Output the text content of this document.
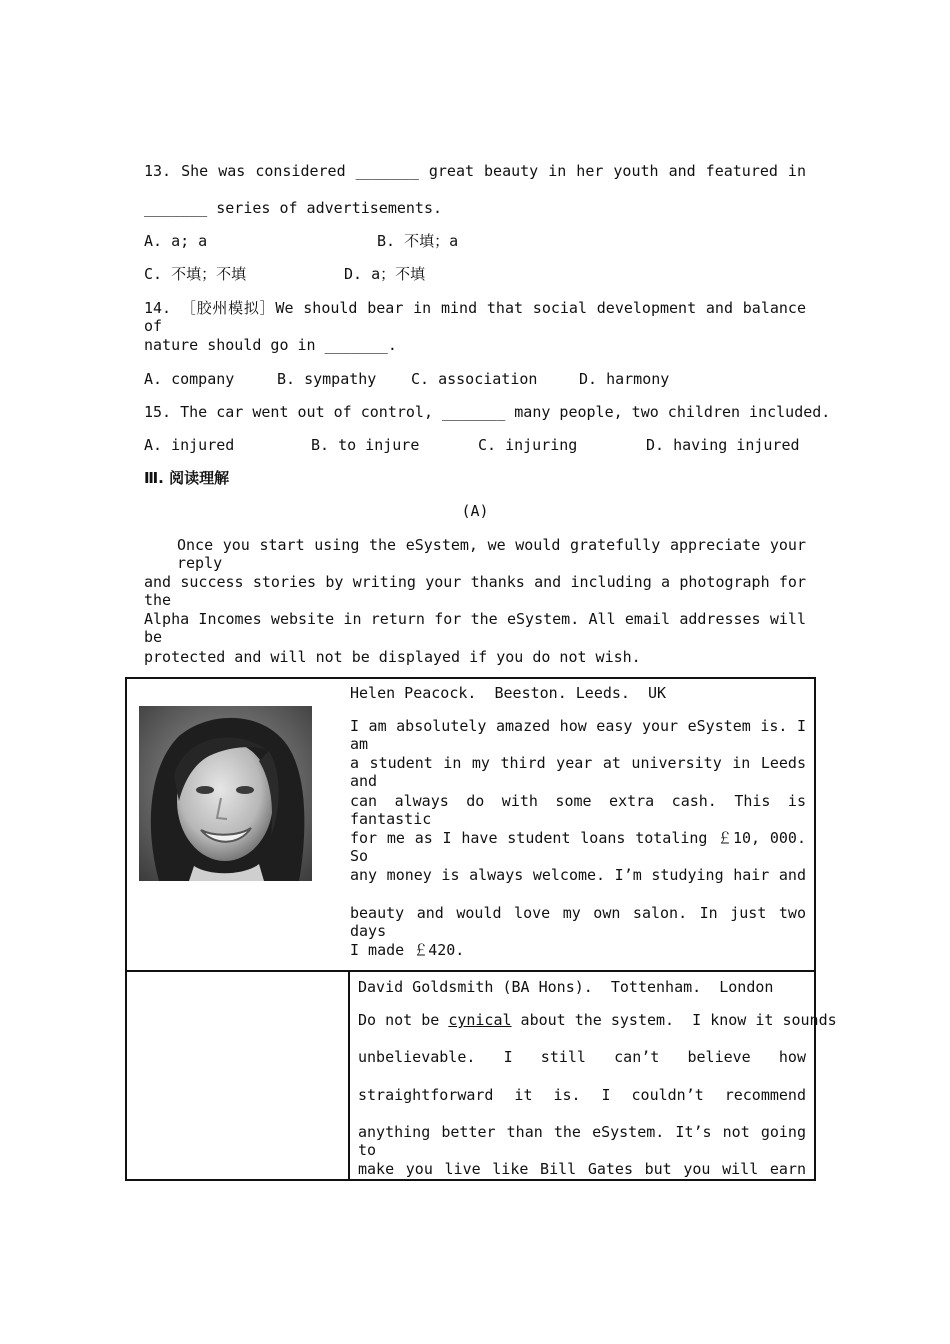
13. She was considered _______ great beauty in her youth and featured in
_______ series of advertisements.
A. a; a	B. 不填；a
C. 不填；不填	D. a；不填
14. ［胶州模拟］We should bear in mind that social development and balance of
nature should go in _______.
A. company	B. sympathy C. association	D. harmony
15. The car went out of control, _______ many people, two children included.
A. injured	B. to injure	C. injuring	D. having injured
Ⅲ. 阅读理解
(A)
Once you start using the eSystem, we would gratefully appreciate your reply
and success stories by writing your thanks and including a photograph for the
Alpha Incomes website in return for the eSystem. All email addresses will be
protected and will not be displayed if you do not wish.
Helen Peacock.  Beeston. Leeds.  UK
I am absolutely amazed how easy your eSystem is. I am
a student in my third year at university in Leeds and
can always do with some extra cash. This is fantastic
for me as I have student loans totaling ￡10, 000. So
any money is always welcome. I’m studying hair and
beauty and would love my own salon. In just two days
I made ￡420.
David Goldsmith (BA Hons).  Tottenham.  London
Do not be cynical about the system.  I know it sounds
unbelievable. I still can’t believe how
straightforward it is. I couldn’t recommend
anything better than the eSystem. It’s not going to
make you live like Bill Gates but you will earn
